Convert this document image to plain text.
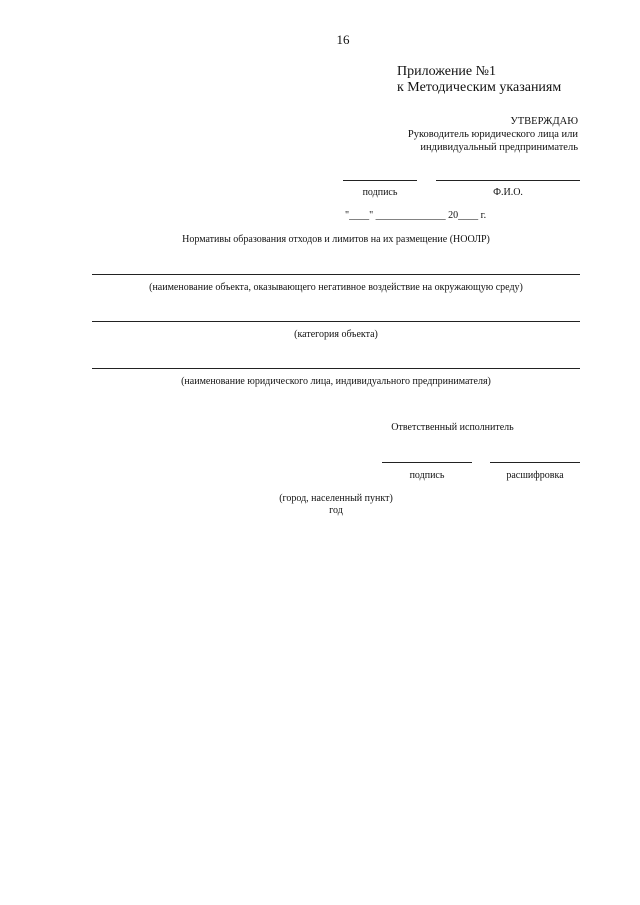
16
Приложение №1
к Методическим указаниям
УТВЕРЖДАЮ
Руководитель юридического лица или
индивидуальный предприниматель
подпись	Ф.И.О.
"____" ______________ 20____ г.
Нормативы образования отходов и лимитов на их размещение (НООЛР)
(наименование объекта, оказывающего негативное воздействие на окружающую среду)
(категория объекта)
(наименование юридического лица, индивидуального предпринимателя)
Ответственный исполнитель
подпись	расшифровка
(город, населенный пункт)
год
